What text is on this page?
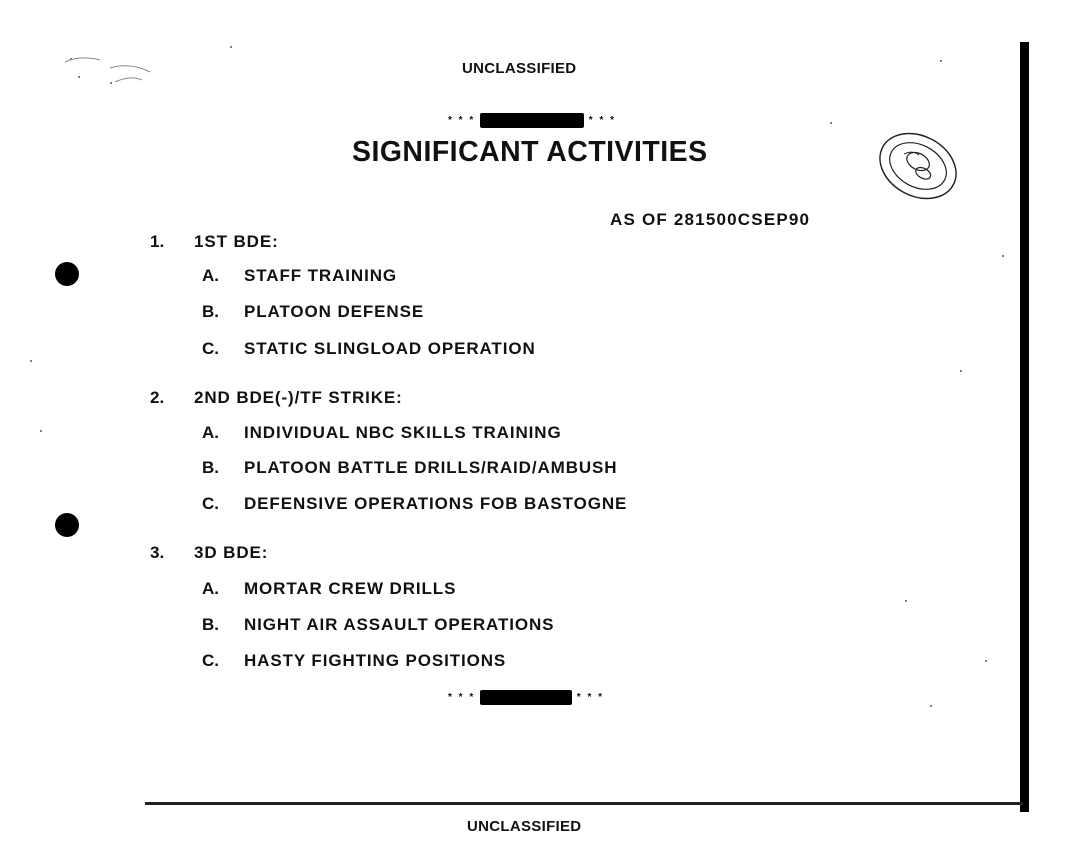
UNCLASSIFIED
* * *	* * *
SIGNIFICANT ACTIVITIES
AS OF 281500CSEP90
1. 1ST BDE:
A. STAFF TRAINING
B. PLATOON DEFENSE
C. STATIC SLINGLOAD OPERATION
2. 2ND BDE(-)/TF STRIKE:
A. INDIVIDUAL NBC SKILLS TRAINING
B. PLATOON BATTLE DRILLS/RAID/AMBUSH
C. DEFENSIVE OPERATIONS FOB BASTOGNE
3. 3D BDE:
A. MORTAR CREW DRILLS
B. NIGHT AIR ASSAULT OPERATIONS
C. HASTY FIGHTING POSITIONS
* * *	* * *
UNCLASSIFIED
